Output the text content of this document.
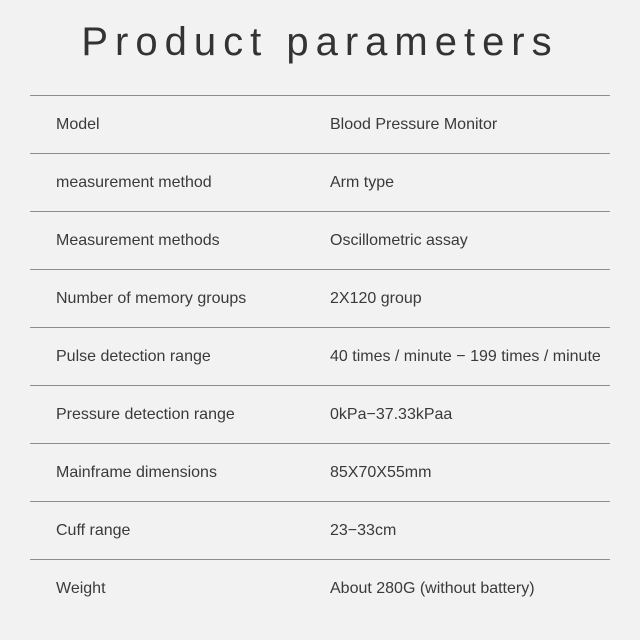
Product parameters
Model	Blood Pressure Monitor
measurement method	Arm type
Measurement methods	Oscillometric assay
Number of memory groups	2X120 group
Pulse detection range	40 times / minute − 199 times / minute
Pressure detection range	0kPa−37.33kPaa
Mainframe dimensions	85X70X55mm
Cuff range	23−33cm
Weight	About 280G (without battery)
